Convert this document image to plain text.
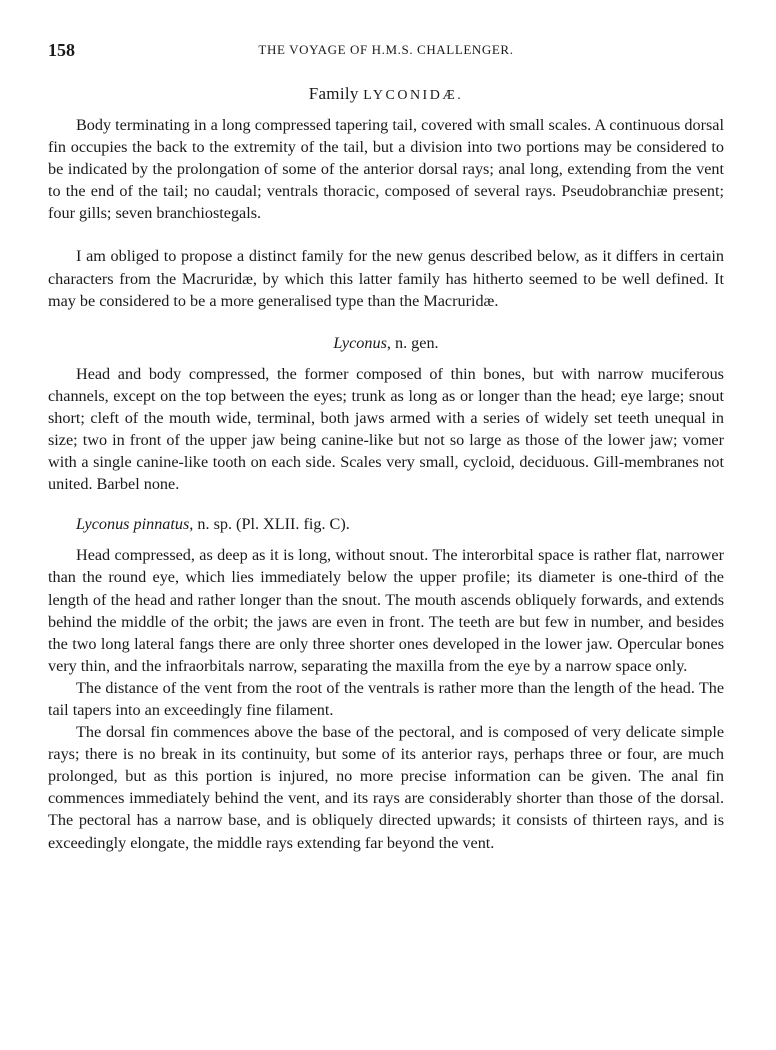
158	THE VOYAGE OF H.M.S. CHALLENGER.
Family LYCONIDÆ.

Body terminating in a long compressed tapering tail, covered with small scales. A continuous dorsal fin occupies the back to the extremity of the tail, but a division into two portions may be considered to be indicated by the prolongation of some of the anterior dorsal rays; anal long, extending from the vent to the end of the tail; no caudal; ventrals thoracic, composed of several rays. Pseudobranchiæ present; four gills; seven branchiostegals.

I am obliged to propose a distinct family for the new genus described below, as it differs in certain characters from the Macruridæ, by which this latter family has hitherto seemed to be well defined. It may be considered to be a more generalised type than the Macruridæ.

Lyconus, n. gen.

Head and body compressed, the former composed of thin bones, but with narrow muciferous channels, except on the top between the eyes; trunk as long as or longer than the head; eye large; snout short; cleft of the mouth wide, terminal, both jaws armed with a series of widely set teeth unequal in size; two in front of the upper jaw being canine-like but not so large as those of the lower jaw; vomer with a single canine-like tooth on each side. Scales very small, cycloid, deciduous. Gill-membranes not united. Barbel none.

Lyconus pinnatus, n. sp. (Pl. XLII. fig. C).

Head compressed, as deep as it is long, without snout. The interorbital space is rather flat, narrower than the round eye, which lies immediately below the upper profile; its diameter is one-third of the length of the head and rather longer than the snout. The mouth ascends obliquely forwards, and extends behind the middle of the orbit; the jaws are even in front. The teeth are but few in number, and besides the two long lateral fangs there are only three shorter ones developed in the lower jaw. Opercular bones very thin, and the infraorbitals narrow, separating the maxilla from the eye by a narrow space only.

The distance of the vent from the root of the ventrals is rather more than the length of the head. The tail tapers into an exceedingly fine filament.

The dorsal fin commences above the base of the pectoral, and is composed of very delicate simple rays; there is no break in its continuity, but some of its anterior rays, perhaps three or four, are much prolonged, but as this portion is injured, no more precise information can be given. The anal fin commences immediately behind the vent, and its rays are considerably shorter than those of the dorsal. The pectoral has a narrow base, and is obliquely directed upwards; it consists of thirteen rays, and is exceedingly elongate, the middle rays extending far beyond the vent.
